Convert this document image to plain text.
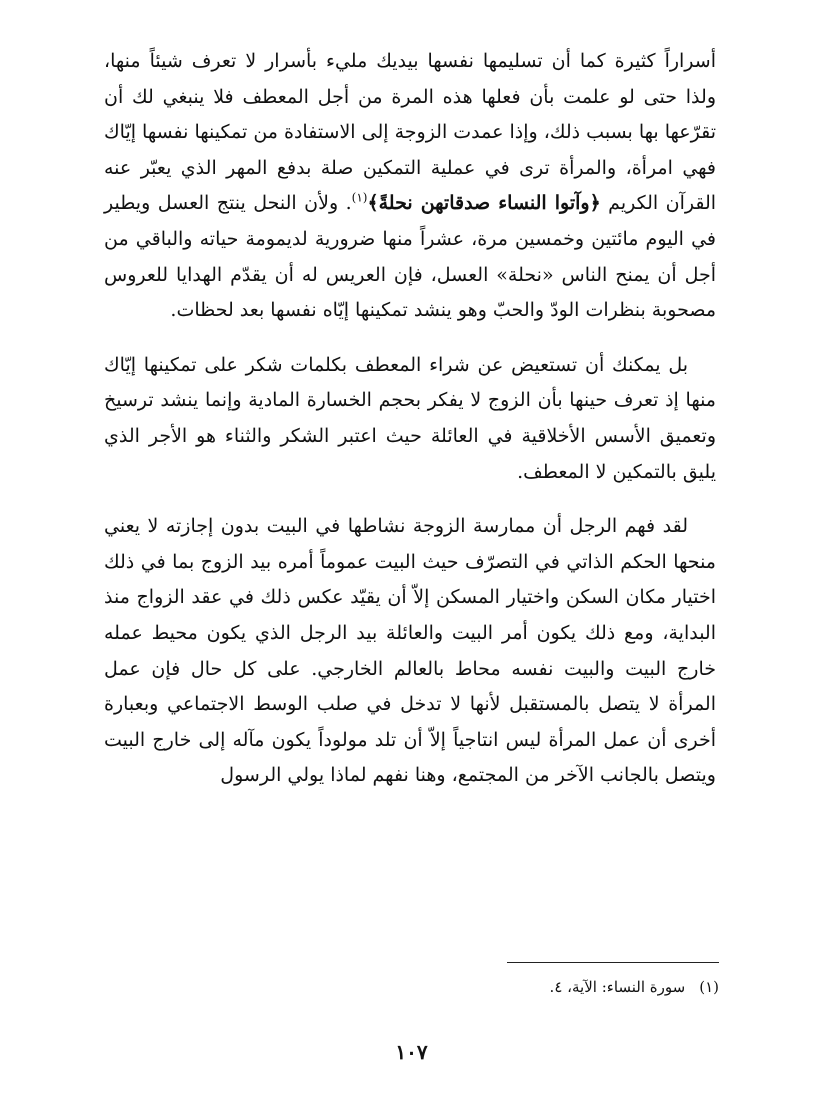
أسراراً كثيرة كما أن تسليمها نفسها بيديك مليء بأسرار لا تعرف شيئاً منها، ولذا حتى لو علمت بأن فعلها هذه المرة من أجل المعطف فلا ينبغي لك أن تقرّعها بها بسبب ذلك، وإذا عمدت الزوجة إلى الاستفادة من تمكينها نفسها إيّاك فهي امرأة، والمرأة ترى في عملية التمكين صلة بدفع المهر الذي يعبّر عنه القرآن الكريم ﴿وآتوا النساء صدقاتهن نحلةً﴾$^{(١)}$. ولأن النحل ينتج العسل ويطير في اليوم مائتين وخمسين مرة، عشراً منها ضرورية لديمومة حياته والباقي من أجل أن يمنح الناس «نحلة» العسل، فإن العريس له أن يقدّم الهدايا للعروس مصحوبة بنظرات الودّ والحبّ وهو ينشد تمكينها إيّاه نفسها بعد لحظات.

بل يمكنك أن تستعيض عن شراء المعطف بكلمات شكر على تمكينها إيّاك منها إذ تعرف حينها بأن الزوج لا يفكر بحجم الخسارة المادية وإنما ينشد ترسيخ وتعميق الأسس الأخلاقية في العائلة حيث اعتبر الشكر والثناء هو الأجر الذي يليق بالتمكين لا المعطف.

لقد فهم الرجل أن ممارسة الزوجة نشاطها في البيت بدون إجازته لا يعني منحها الحكم الذاتي في التصرّف حيث البيت عموماً أمره بيد الزوج بما في ذلك اختيار مكان السكن واختيار المسكن إلاّ أن يقيّد عكس ذلك في عقد الزواج منذ البداية، ومع ذلك يكون أمر البيت والعائلة بيد الرجل الذي يكون محيط عمله خارج البيت والبيت نفسه محاط بالعالم الخارجي. على كل حال فإن عمل المرأة لا يتصل بالمستقبل لأنها لا تدخل في صلب الوسط الاجتماعي وبعبارة أخرى أن عمل المرأة ليس انتاجياً إلاّ أن تلد مولوداً يكون مآله إلى خارج البيت ويتصل بالجانب الآخر من المجتمع، وهنا نفهم لماذا يولي الرسول

(١)سورة النساء: الآية، ٤.
١٠٧
